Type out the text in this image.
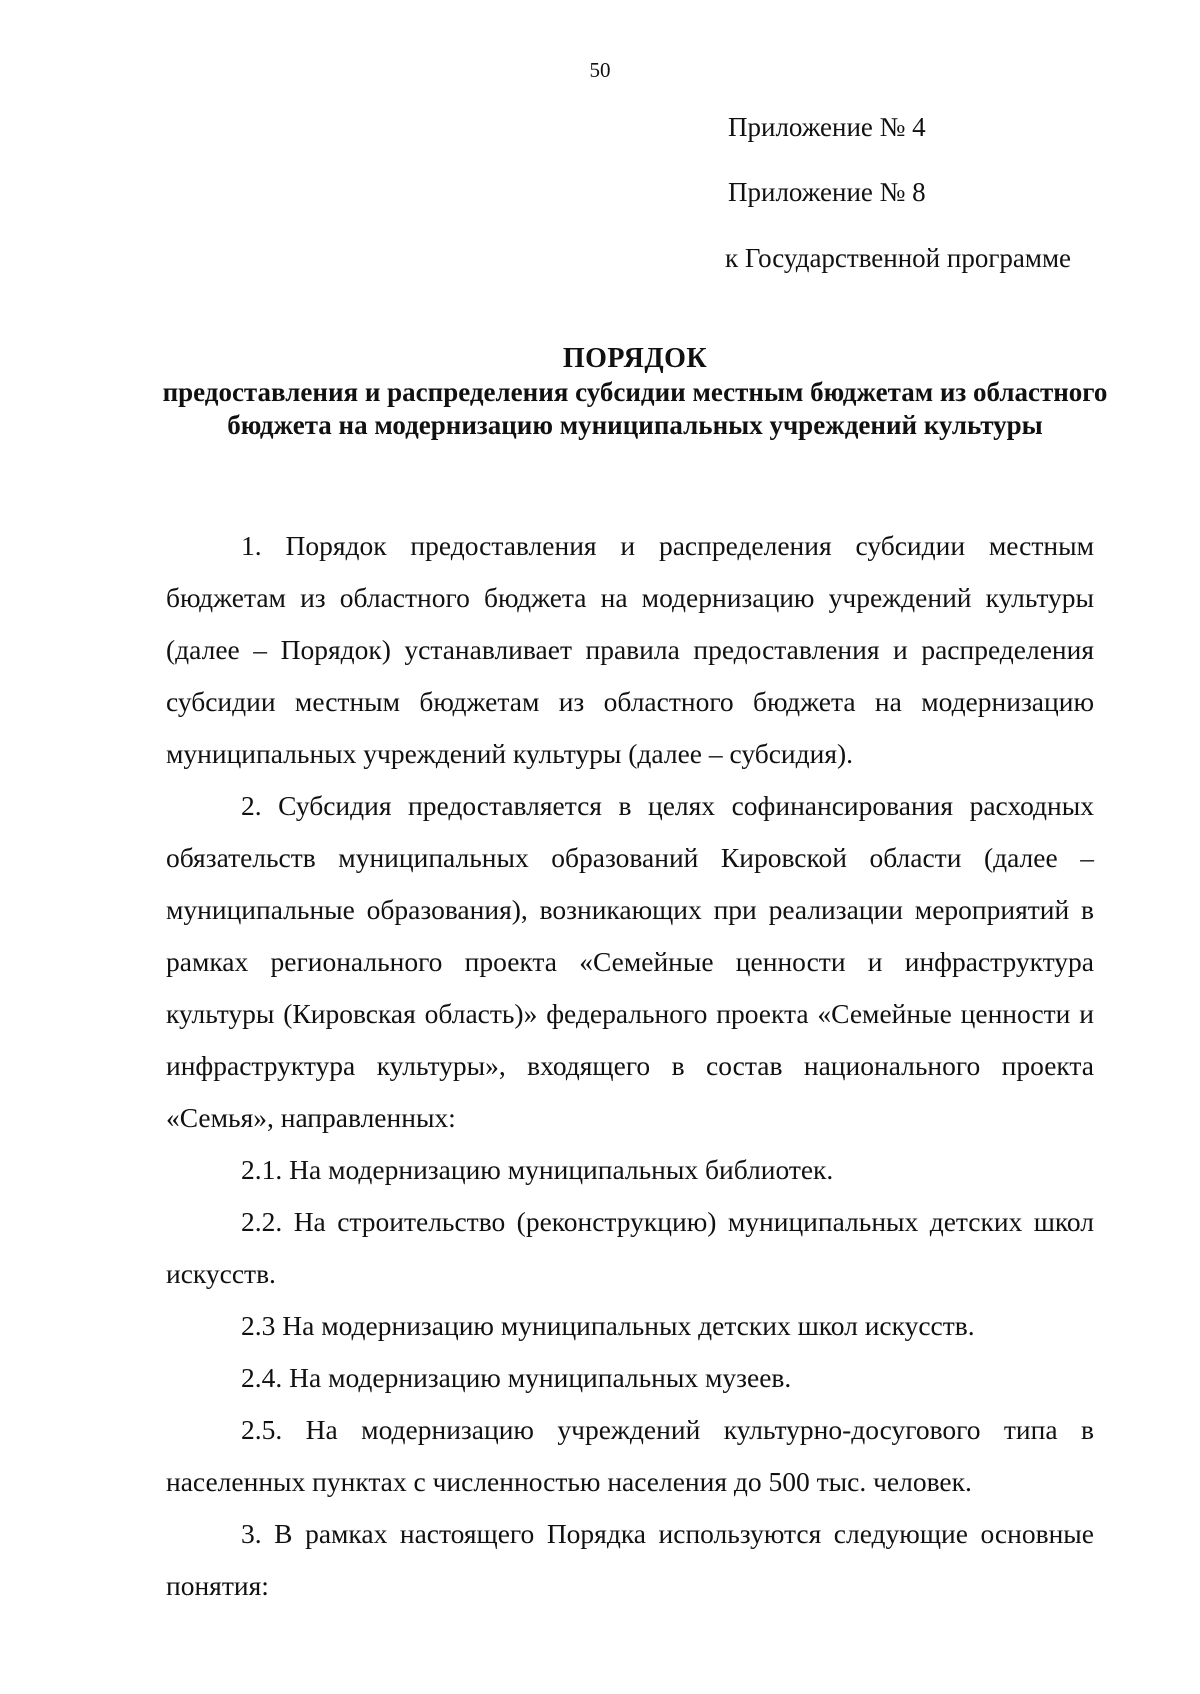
50
Приложение № 4
Приложение № 8
к Государственной программе
ПОРЯДОК
предоставления и распределения субсидии местным бюджетам из областного бюджета на модернизацию муниципальных учреждений культуры

1. Порядок предоставления и распределения субсидии местным бюджетам из областного бюджета на модернизацию учреждений культуры (далее – Порядок) устанавливает правила предоставления и распределения субсидии местным бюджетам из областного бюджета на модернизацию муниципальных учреждений культуры (далее – субсидия).

2. Субсидия предоставляется в целях софинансирования расходных обязательств муниципальных образований Кировской области (далее – муниципальные образования), возникающих при реализации мероприятий в рамках регионального проекта «Семейные ценности и инфраструктура культуры (Кировская область)» федерального проекта «Семейные ценности и инфраструктура культуры», входящего в состав национального проекта «Семья», направленных:

2.1. На модернизацию муниципальных библиотек.

2.2. На строительство (реконструкцию) муниципальных детских школ искусств.

2.3 На модернизацию муниципальных детских школ искусств.

2.4. На модернизацию муниципальных музеев.

2.5. На модернизацию учреждений культурно-досугового типа в населенных пунктах с численностью населения до 500 тыс. человек.

3. В рамках настоящего Порядка используются следующие основные понятия:
